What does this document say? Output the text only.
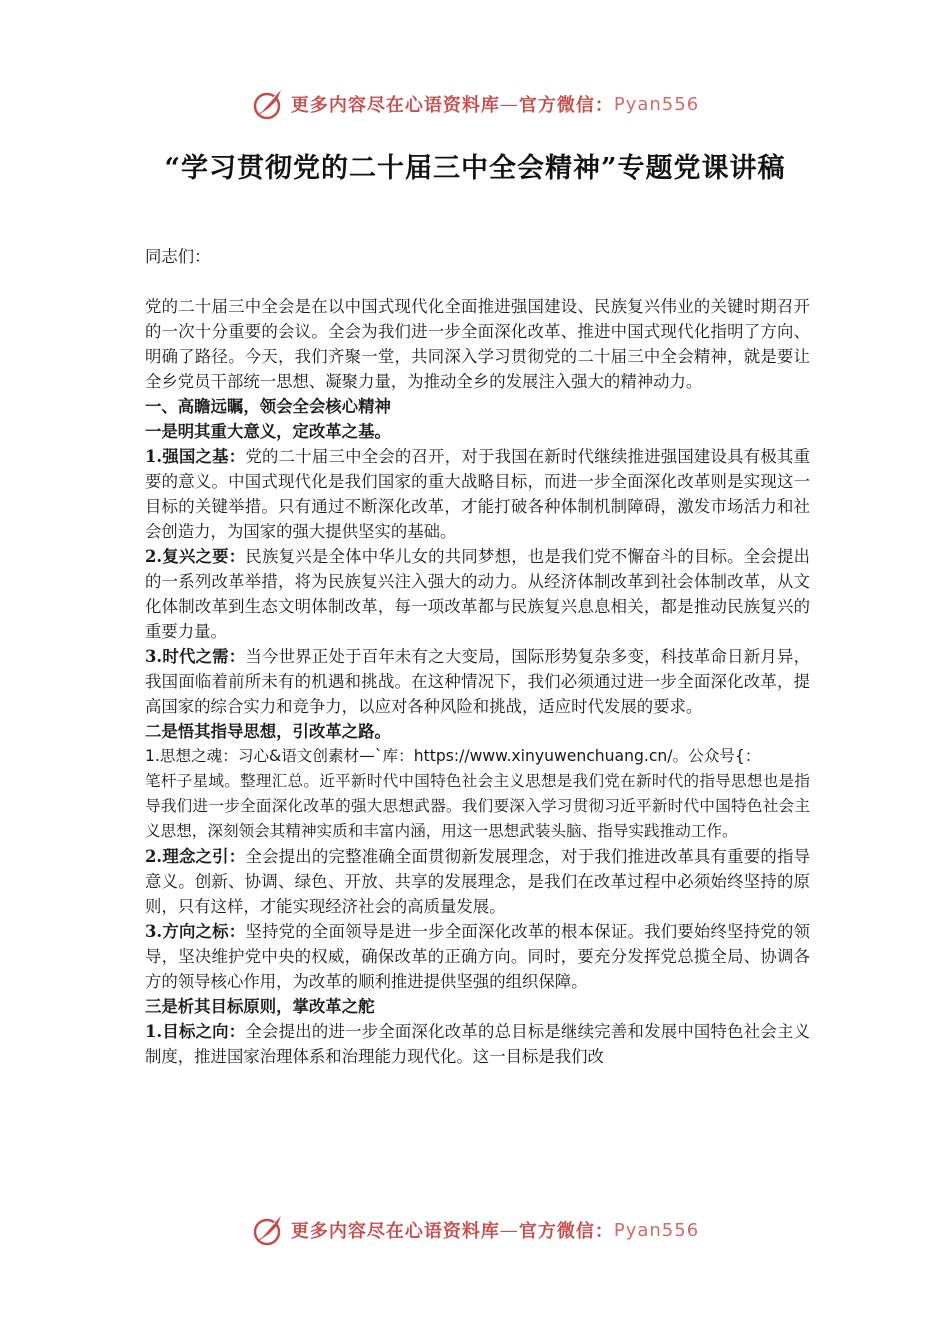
更多内容尽在心语资料库 — 官方微信： Pyan556
“学习贯彻党的二十届三中全会精神”专题党课讲稿

同志们：

党的二十届三中全会是在以中国式现代化全面推进强国建设、民族复兴伟业的关键时期召开的一次十分重要的会议。全会为我们进一步全面深化改革、推进中国式现代化指明了方向、明确了路径。今天，我们齐聚一堂，共同深入学习贯彻党的二十届三中全会精神，就是要让全乡党员干部统一思想、凝聚力量，为推动全乡的发展注入强大的精神动力。

一、高瞻远瞩，领会全会核心精神

一是明其重大意义，定改革之基。

1.强国之基：党的二十届三中全会的召开，对于我国在新时代继续推进强国建设具有极其重要的意义。中国式现代化是我们国家的重大战略目标，而进一步全面深化改革则是实现这一目标的关键举措。只有通过不断深化改革，才能打破各种体制机制障碍，激发市场活力和社会创造力，为国家的强大提供坚实的基础。

2.复兴之要：民族复兴是全体中华儿女的共同梦想，也是我们党不懈奋斗的目标。全会提出的一系列改革举措，将为民族复兴注入强大的动力。从经济体制改革到社会体制改革，从文化体制改革到生态文明体制改革，每一项改革都与民族复兴息息相关，都是推动民族复兴的重要力量。

3.时代之需：当今世界正处于百年未有之大变局，国际形势复杂多变，科技革命日新月异，我国面临着前所未有的机遇和挑战。在这种情况下，我们必须通过进一步全面深化改革，提高国家的综合实力和竞争力，以应对各种风险和挑战，适应时代发展的要求。

二是悟其指导思想，引改革之路。

1.思想之魂：习心&语文创素材—`库：https://www.xinyuwenchuang.cn/。公众号{：

笔杆子星域。整理汇总。近平新时代中国特色社会主义思想是我们党在新时代的指导思想也是指导我们进一步全面深化改革的强大思想武器。我们要深入学习贯彻习近平新时代中国特色社会主义思想，深刻领会其精神实质和丰富内涵，用这一思想武装头脑、指导实践推动工作。

2.理念之引：全会提出的完整准确全面贯彻新发展理念，对于我们推进改革具有重要的指导意义。创新、协调、绿色、开放、共享的发展理念，是我们在改革过程中必须始终坚持的原则，只有这样，才能实现经济社会的高质量发展。

3.方向之标：坚持党的全面领导是进一步全面深化改革的根本保证。我们要始终坚持党的领导，坚决维护党中央的权威，确保改革的正确方向。同时，要充分发挥党总揽全局、协调各方的领导核心作用，为改革的顺利推进提供坚强的组织保障。

三是析其目标原则，掌改革之舵

1.目标之向：全会提出的进一步全面深化改革的总目标是继续完善和发展中国特色社会主义制度，推进国家治理体系和治理能力现代化。这一目标是我们改

更多内容尽在心语资料库 — 官方微信： Pyan556
